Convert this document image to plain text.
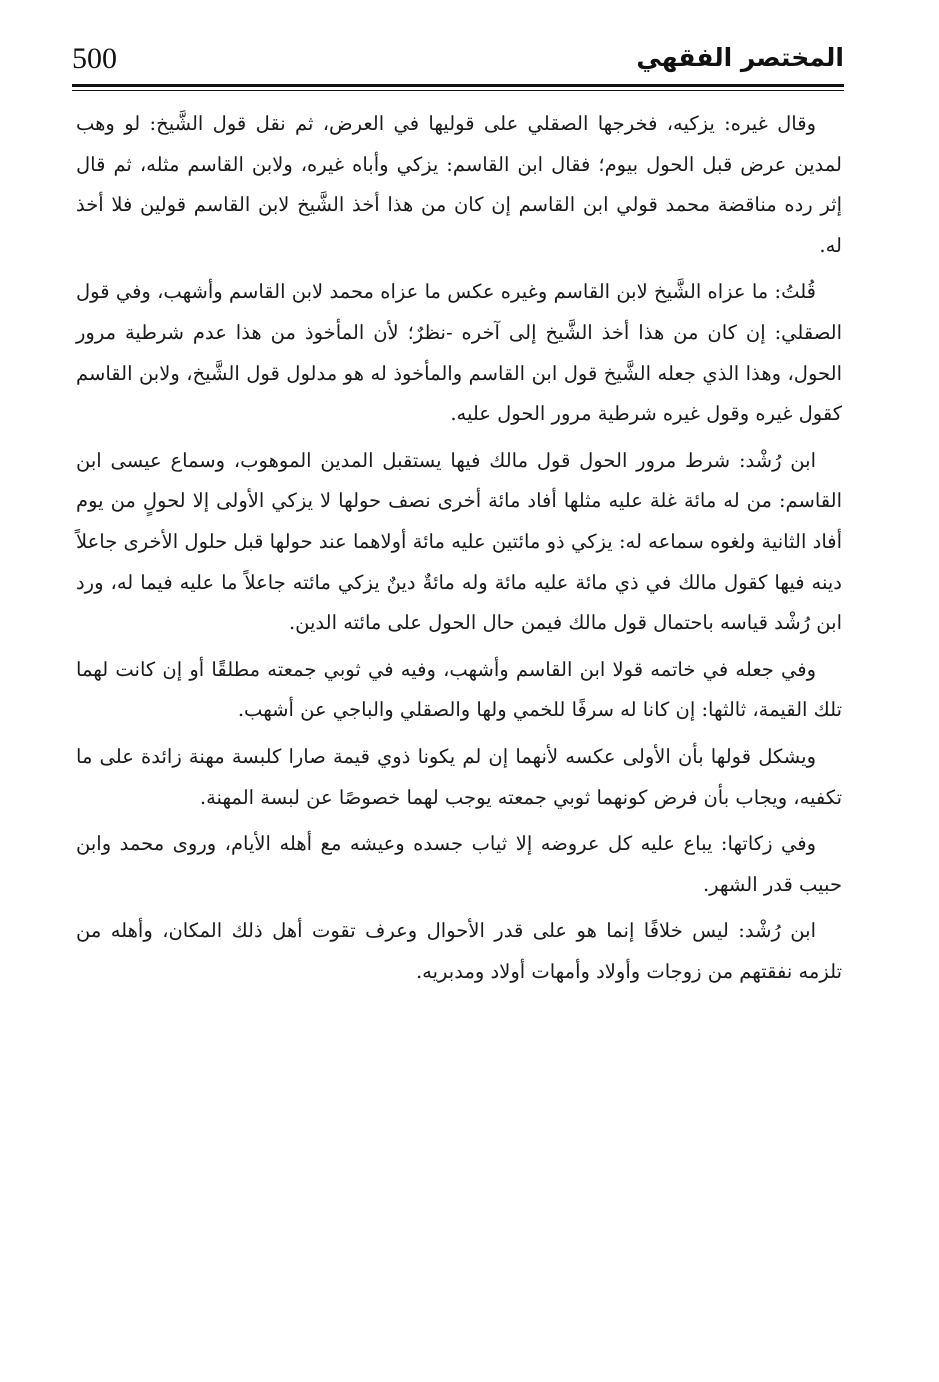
500	المختصر الفقهي

وقال غيره: يزكيه، فخرجها الصقلي على قوليها في العرض، ثم نقل قول الشَّيخ: لو وهب لمدين عرض قبل الحول بيوم؛ فقال ابن القاسم: يزكي وأباه غيره، ولابن القاسم مثله، ثم قال إثر رده مناقضة محمد قولي ابن القاسم إن كان من هذا أخذ الشَّيخ لابن القاسم قولين فلا أخذ له.

قُلتُ: ما عزاه الشَّيخ لابن القاسم وغيره عكس ما عزاه محمد لابن القاسم وأشهب، وفي قول الصقلي: إن كان من هذا أخذ الشَّيخ إلى آخره -نظرٌ؛ لأن المأخوذ من هذا عدم شرطية مرور الحول، وهذا الذي جعله الشَّيخ قول ابن القاسم والمأخوذ له هو مدلول قول الشَّيخ، ولابن القاسم كقول غيره وقول غيره شرطية مرور الحول عليه.

ابن رُشْد: شرط مرور الحول قول مالك فيها يستقبل المدين الموهوب، وسماع عيسى ابن القاسم: من له مائة غلة عليه مثلها أفاد مائة أخرى نصف حولها لا يزكي الأولى إلا لحولٍ من يوم أفاد الثانية ولغوه سماعه له: يزكي ذو مائتين عليه مائة أولاهما عند حولها قبل حلول الأخرى جاعلاً دينه فيها كقول مالك في ذي مائة عليه مائة وله مائةٌ دينٌ يزكي مائته جاعلاً ما عليه فيما له، ورد ابن رُشْد قياسه باحتمال قول مالك فيمن حال الحول على مائته الدين.

وفي جعله في خاتمه قولا ابن القاسم وأشهب، وفيه في ثوبي جمعته مطلقًا أو إن كانت لهما تلك القيمة، ثالثها: إن كانا له سرفًا للخمي ولها والصقلي والباجي عن أشهب.

ويشكل قولها بأن الأولى عكسه لأنهما إن لم يكونا ذوي قيمة صارا كلبسة مهنة زائدة على ما تكفيه، ويجاب بأن فرض كونهما ثوبي جمعته يوجب لهما خصوصًا عن لبسة المهنة.

وفي زكاتها: يباع عليه كل عروضه إلا ثياب جسده وعيشه مع أهله الأيام، وروى محمد وابن حبيب قدر الشهر.

ابن رُشْد: ليس خلافًا إنما هو على قدر الأحوال وعرف تقوت أهل ذلك المكان، وأهله من تلزمه نفقتهم من زوجات وأولاد وأمهات أولاد ومدبريه.
